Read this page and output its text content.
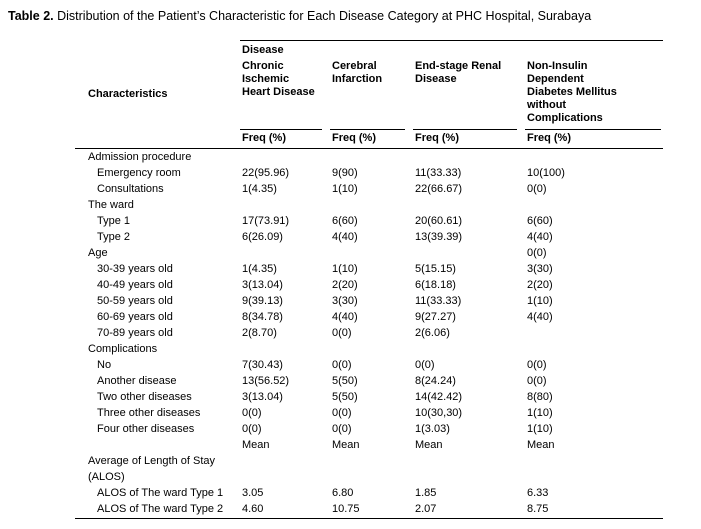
Table 2. Distribution of the Patient’s Characteristic for Each Disease Category at PHC Hospital, Surabaya
	Disease			
Characteristics	Chronic Ischemic Heart Disease	Cerebral Infarction	End-stage Renal Disease	Non-Insulin Dependent Diabetes Mellitus without Complications
	Freq (%)	Freq (%)	Freq (%)	Freq (%)
Admission procedure				
Emergency room	22(95.96)	9(90)	11(33.33)	10(100)
Consultations	1(4.35)	1(10)	22(66.67)	0(0)
The ward				
Type 1	17(73.91)	6(60)	20(60.61)	6(60)
Type 2	6(26.09)	4(40)	13(39.39)	4(40)
Age				0(0)
30-39 years old	1(4.35)	1(10)	5(15.15)	3(30)
40-49 years old	3(13.04)	2(20)	6(18.18)	2(20)
50-59 years old	9(39.13)	3(30)	11(33.33)	1(10)
60-69 years old	8(34.78)	4(40)	9(27.27)	4(40)
70-89 years old	2(8.70)	0(0)	2(6.06)	
Complications				
No	7(30.43)	0(0)	0(0)	0(0)
Another disease	13(56.52)	5(50)	8(24.24)	0(0)
Two other diseases	3(13.04)	5(50)	14(42.42)	8(80)
Three other diseases	0(0)	0(0)	10(30,30)	1(10)
Four other diseases	0(0)	0(0)	1(3.03)	1(10)
	Mean	Mean	Mean	Mean
Average of Length of Stay (ALOS)				
ALOS of The ward Type 1	3.05	6.80	1.85	6.33
ALOS of The ward Type 2	4.60	10.75	2.07	8.75
